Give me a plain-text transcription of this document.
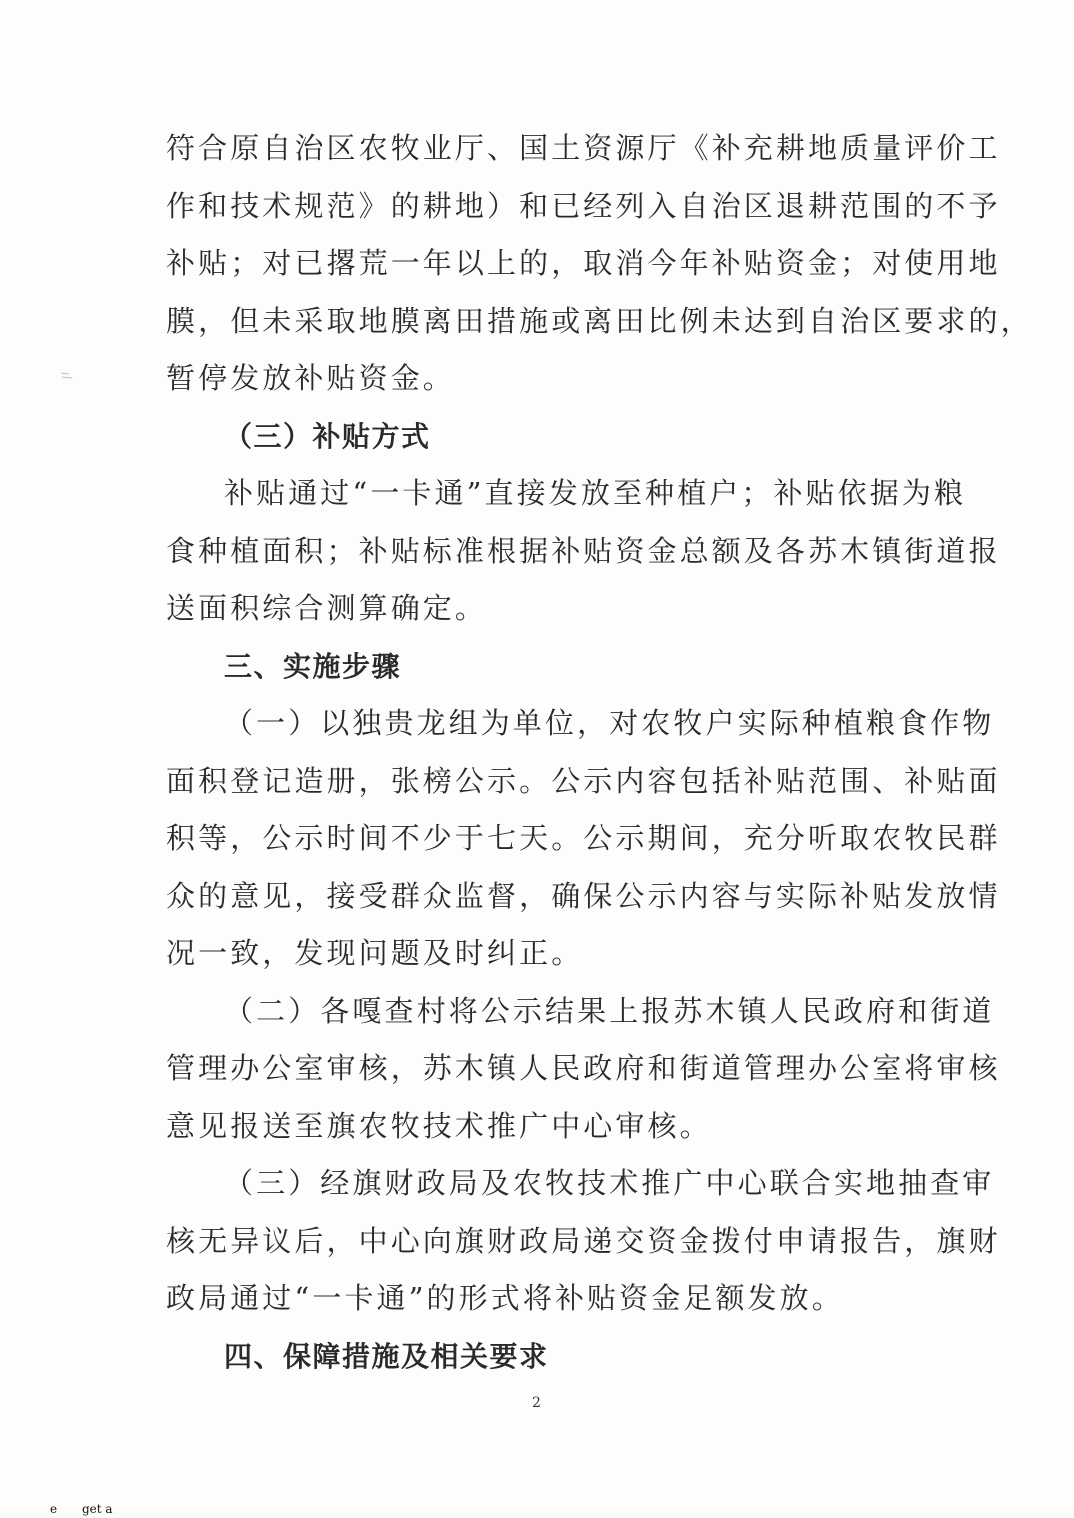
符合原自治区农牧业厅、国土资源厅《补充耕地质量评价工
作和技术规范》的耕地）和已经列入自治区退耕范围的不予
补贴；对已撂荒一年以上的，取消今年补贴资金；对使用地
膜，但未采取地膜离田措施或离田比例未达到自治区要求的，
暂停发放补贴资金。
（三）补贴方式
补贴通过“一卡通”直接发放至种植户；补贴依据为粮
食种植面积；补贴标准根据补贴资金总额及各苏木镇街道报
送面积综合测算确定。
三、实施步骤
（一）以独贵龙组为单位，对农牧户实际种植粮食作物
面积登记造册，张榜公示。公示内容包括补贴范围、补贴面
积等，公示时间不少于七天。公示期间，充分听取农牧民群
众的意见，接受群众监督，确保公示内容与实际补贴发放情
况一致，发现问题及时纠正。
（二）各嘎查村将公示结果上报苏木镇人民政府和街道
管理办公室审核，苏木镇人民政府和街道管理办公室将审核
意见报送至旗农牧技术推广中心审核。
（三）经旗财政局及农牧技术推广中心联合实地抽查审
核无异议后，中心向旗财政局递交资金拨付申请报告，旗财
政局通过“一卡通”的形式将补贴资金足额发放。
四、保障措施及相关要求
2
e get a
